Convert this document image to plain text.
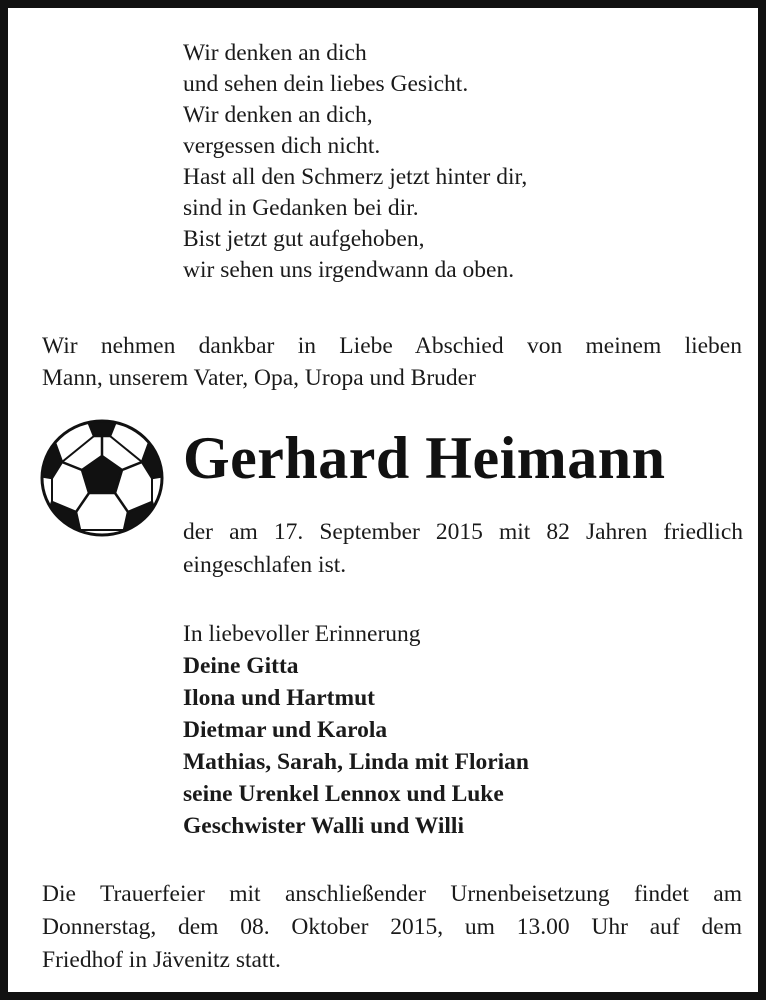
Wir denken an dich
und sehen dein liebes Gesicht.
Wir denken an dich,
vergessen dich nicht.
Hast all den Schmerz jetzt hinter dir,
sind in Gedanken bei dir.
Bist jetzt gut aufgehoben,
wir sehen uns irgendwann da oben.
Wir nehmen dankbar in Liebe Abschied von meinem lieben
Mann, unserem Vater, Opa, Uropa und Bruder
Gerhard Heimann
der am 17. September 2015 mit 82 Jahren friedlich
eingeschlafen ist.
In liebevoller Erinnerung
Deine Gitta
Ilona und Hartmut
Dietmar und Karola
Mathias, Sarah, Linda mit Florian
seine Urenkel Lennox und Luke
Geschwister Walli und Willi
Die Trauerfeier mit anschließender Urnenbeisetzung findet am
Donnerstag, dem 08. Oktober 2015, um 13.00 Uhr auf dem
Friedhof in Jävenitz statt.
